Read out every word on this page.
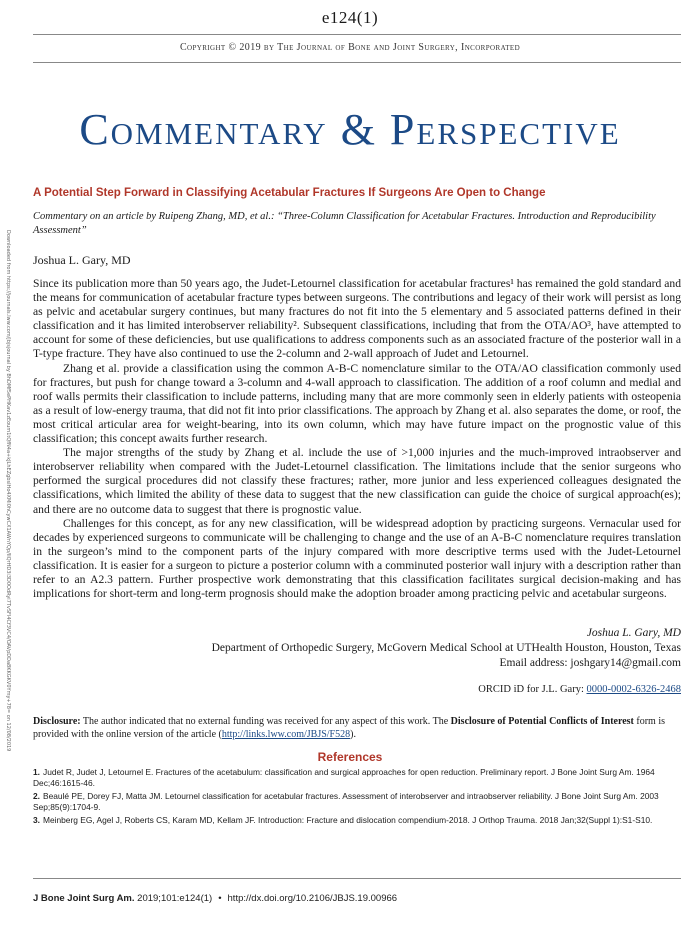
e124(1)
Copyright © 2019 by The Journal of Bone and Joint Surgery, Incorporated
Commentary & Perspective
Downloaded from https://journals.lww.com/jbjsjournal by BhDMf5ePHKav1zEoum1tQfN4a+kJLhEZgbsIHo4XMi0hCywCX1AWnYQp/IlQrHD3i3D0OdRyi7TvSFl4Cf3VC4/OAVpDDa8KKGKV0Ymy+78= on 12/08/2019
A Potential Step Forward in Classifying Acetabular Fractures If Surgeons Are Open to Change
Commentary on an article by Ruipeng Zhang, MD, et al.: “Three-Column Classification for Acetabular Fractures. Introduction and Reproducibility Assessment”
Joshua L. Gary, MD

Since its publication more than 50 years ago, the Judet-Letournel classification for acetabular fractures¹ has remained the gold standard and the means for communication of acetabular fracture types between surgeons. The contributions and legacy of their work will persist as long as pelvic and acetabular surgery continues, but many fractures do not fit into the 5 elementary and 5 associated patterns defined in their classification and it has limited interobserver reliability². Subsequent classifications, including that from the OTA/AO³, have attempted to account for some of these deficiencies, but use qualifications to address components such as an associated fracture of the posterior wall in a T-type fracture. They have also continued to use the 2-column and 2-wall approach of Judet and Letournel.

Zhang et al. provide a classification using the common A-B-C nomenclature similar to the OTA/AO classification commonly used for fractures, but push for change toward a 3-column and 4-wall approach to classification. The addition of a roof column and medial and roof walls permits their classification to include patterns, including many that are more commonly seen in elderly patients with osteopenia as a result of low-energy trauma, that did not fit into prior classifications. The approach by Zhang et al. also separates the dome, or roof, the most critical articular area for weight-bearing, into its own column, which may have future impact on the prognostic value of this classification; this concept awaits further research.

The major strengths of the study by Zhang et al. include the use of >1,000 injuries and the much-improved intraobserver and interobserver reliability when compared with the Judet-Letournel classification. The limitations include that the senior surgeons who performed the surgical procedures did not classify these fractures; rather, more junior and less experienced colleagues designated the classifications, which limited the ability of these data to suggest that the new classification can guide the choice of surgical approach(es); and there are no outcome data to suggest that there is prognostic value.

Challenges for this concept, as for any new classification, will be widespread adoption by practicing surgeons. Vernacular used for decades by experienced surgeons to communicate will be challenging to change and the use of an A-B-C nomenclature requires translation in the surgeon’s mind to the component parts of the injury compared with more descriptive terms used with the Judet-Letournel classification. It is easier for a surgeon to picture a posterior column with a comminuted posterior wall injury with a description rather than refer to an A2.3 pattern. Further prospective work demonstrating that this classification facilitates surgical decision-making and has implications for short-term and long-term prognosis should make the adoption broader among practicing pelvic and acetabular surgeons.

Joshua L. Gary, MD
Department of Orthopedic Surgery, McGovern Medical School at UTHealth Houston, Houston, Texas
Email address: joshgary14@gmail.com
ORCID iD for J.L. Gary: 0000-0002-6326-2468
Disclosure: The author indicated that no external funding was received for any aspect of this work. The Disclosure of Potential Conflicts of Interest form is provided with the online version of the article (http://links.lww.com/JBJS/F528).
References
1. Judet R, Judet J, Letournel E. Fractures of the acetabulum: classification and surgical approaches for open reduction. Preliminary report. J Bone Joint Surg Am. 1964 Dec;46:1615-46.
2. Beaulé PE, Dorey FJ, Matta JM. Letournel classification for acetabular fractures. Assessment of interobserver and intraobserver reliability. J Bone Joint Surg Am. 2003 Sep;85(9):1704-9.
3. Meinberg EG, Agel J, Roberts CS, Karam MD, Kellam JF. Introduction: Fracture and dislocation compendium-2018. J Orthop Trauma. 2018 Jan;32(Suppl 1):S1-S10.
J Bone Joint Surg Am. 2019;101:e124(1) • http://dx.doi.org/10.2106/JBJS.19.00966
